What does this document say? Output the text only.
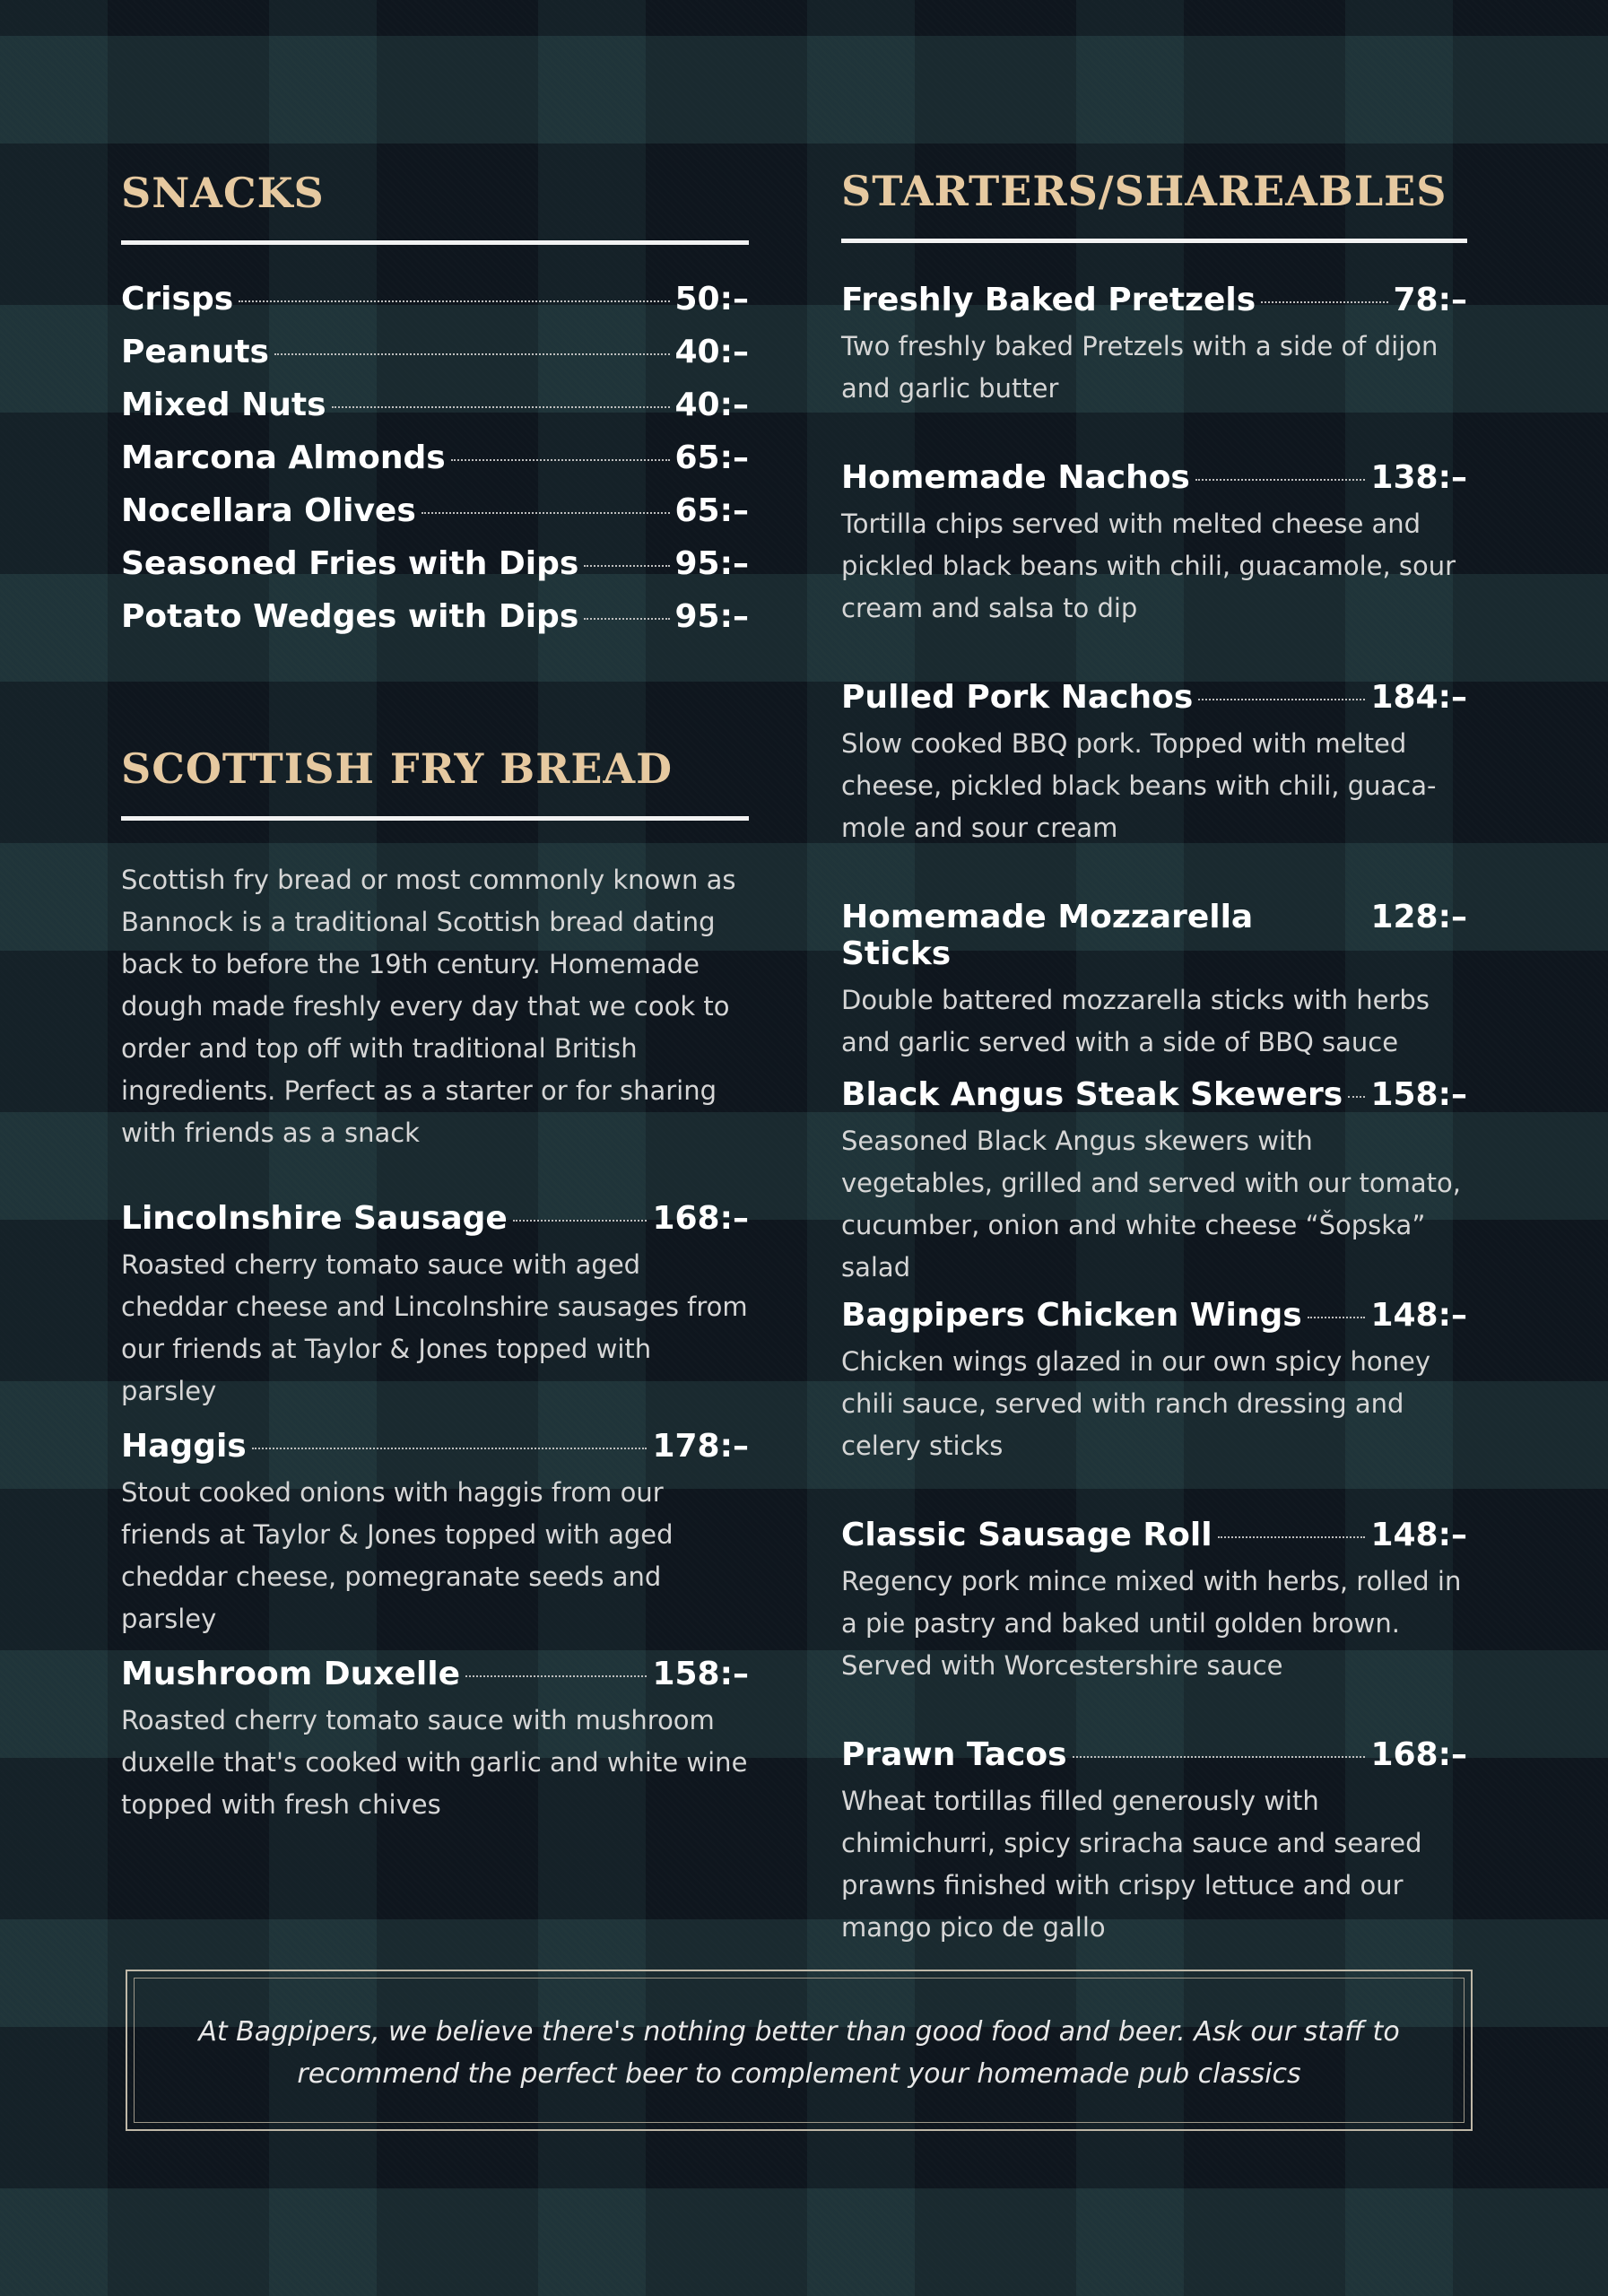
SNACKS
Crisps	50:–
Peanuts	40:–
Mixed Nuts	40:–
Marcona Almonds	65:–
Nocellara Olives	65:–
Seasoned Fries with Dips	95:–
Potato Wedges with Dips	95:–
SCOTTISH FRY BREAD
Scottish fry bread or most commonly known as Bannock is a traditional Scottish bread dating back to before the 19th century. Homemade dough made freshly every day that we cook to order and top off with traditional British ingredients. Perfect as a starter or for sharing with friends as a snack
Lincolnshire Sausage	168:–
Roasted cherry tomato sauce with aged cheddar cheese and Lincolnshire sausages from our friends at Taylor & Jones topped with parsley
Haggis	178:–
Stout cooked onions with haggis from our friends at Taylor & Jones topped with aged cheddar cheese, pomegranate seeds and parsley
Mushroom Duxelle	158:–
Roasted cherry tomato sauce with mushroom duxelle that's cooked with garlic and white wine topped with fresh chives
STARTERS/SHAREABLES
Freshly Baked Pretzels	78:–
Two freshly baked Pretzels with a side of dijon and garlic butter
Homemade Nachos	138:–
Tortilla chips served with melted cheese and pickled black beans with chili, guacamole, sour cream and salsa to dip
Pulled Pork Nachos	184:–
Slow cooked BBQ pork. Topped with melted cheese, pickled black beans with chili, guaca-mole and sour cream
Homemade Mozzarella Sticks
128:–
Double battered mozzarella sticks with herbs and garlic served with a side of BBQ sauce
Black Angus Steak Skewers 158:–
Seasoned Black Angus skewers with vegetables, grilled and served with our tomato, cucumber, onion and white cheese “Šopska” salad
Bagpipers Chicken Wings 148:–
Chicken wings glazed in our own spicy honey chili sauce, served with ranch dressing and celery sticks
Classic Sausage Roll	148:–
Regency pork mince mixed with herbs, rolled in a pie pastry and baked until golden brown. Served with Worcestershire sauce
Prawn Tacos	168:–
Wheat tortillas filled generously with chimichurri, spicy sriracha sauce and seared prawns finished with crispy lettuce and our mango pico de gallo
At Bagpipers, we believe there's nothing better than good food and beer. Ask our staff to recommend the perfect beer to complement your homemade pub classics
